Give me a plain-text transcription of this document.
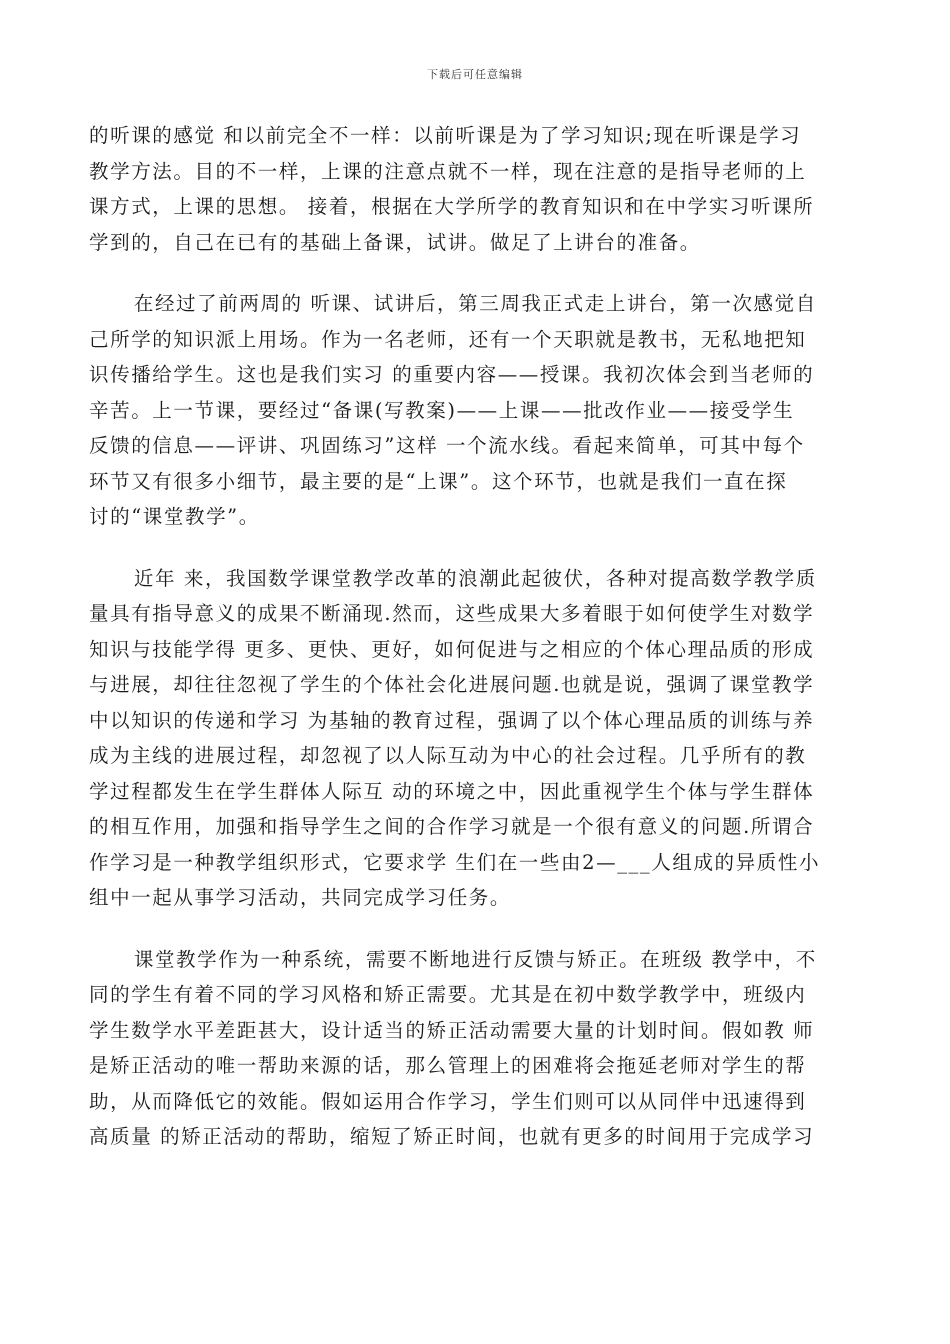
下载后可任意编辑

的听课的感觉 和以前完全不一样：以前听课是为了学习知识;现在听课是学习
教学方法。目的不一样，上课的注意点就不一样，现在注意的是指导老师的上
课方式，上课的思想。 接着，根据在大学所学的教育知识和在中学实习听课所
学到的，自己在已有的基础上备课，试讲。做足了上讲台的准备。

在经过了前两周的 听课、试讲后，第三周我正式走上讲台，第一次感觉自
己所学的知识派上用场。作为一名老师，还有一个天职就是教书，无私地把知
识传播给学生。这也是我们实习 的重要内容——授课。我初次体会到当老师的
辛苦。上一节课，要经过“备课(写教案)——上课——批改作业——接受学生
反馈的信息——评讲、巩固练习”这样 一个流水线。看起来简单，可其中每个
环节又有很多小细节，最主要的是“上课”。这个环节，也就是我们一直在探
讨的“课堂教学”。

近年 来，我国数学课堂教学改革的浪潮此起彼伏，各种对提高数学教学质
量具有指导意义的成果不断涌现.然而，这些成果大多着眼于如何使学生对数学
知识与技能学得 更多、更快、更好，如何促进与之相应的个体心理品质的形成
与进展，却往往忽视了学生的个体社会化进展问题.也就是说，强调了课堂教学
中以知识的传递和学习 为基轴的教育过程，强调了以个体心理品质的训练与养
成为主线的进展过程，却忽视了以人际互动为中心的社会过程。几乎所有的教
学过程都发生在学生群体人际互 动的环境之中，因此重视学生个体与学生群体
的相互作用，加强和指导学生之间的合作学习就是一个很有意义的问题.所谓合
作学习是一种教学组织形式，它要求学 生们在一些由2—___人组成的异质性小
组中一起从事学习活动，共同完成学习任务。

课堂教学作为一种系统，需要不断地进行反馈与矫正。在班级 教学中，不
同的学生有着不同的学习风格和矫正需要。尤其是在初中数学教学中，班级内
学生数学水平差距甚大，设计适当的矫正活动需要大量的计划时间。假如教 师
是矫正活动的唯一帮助来源的话，那么管理上的困难将会拖延老师对学生的帮
助，从而降低它的效能。假如运用合作学习，学生们则可以从同伴中迅速得到
高质量 的矫正活动的帮助，缩短了矫正时间，也就有更多的时间用于完成学习
